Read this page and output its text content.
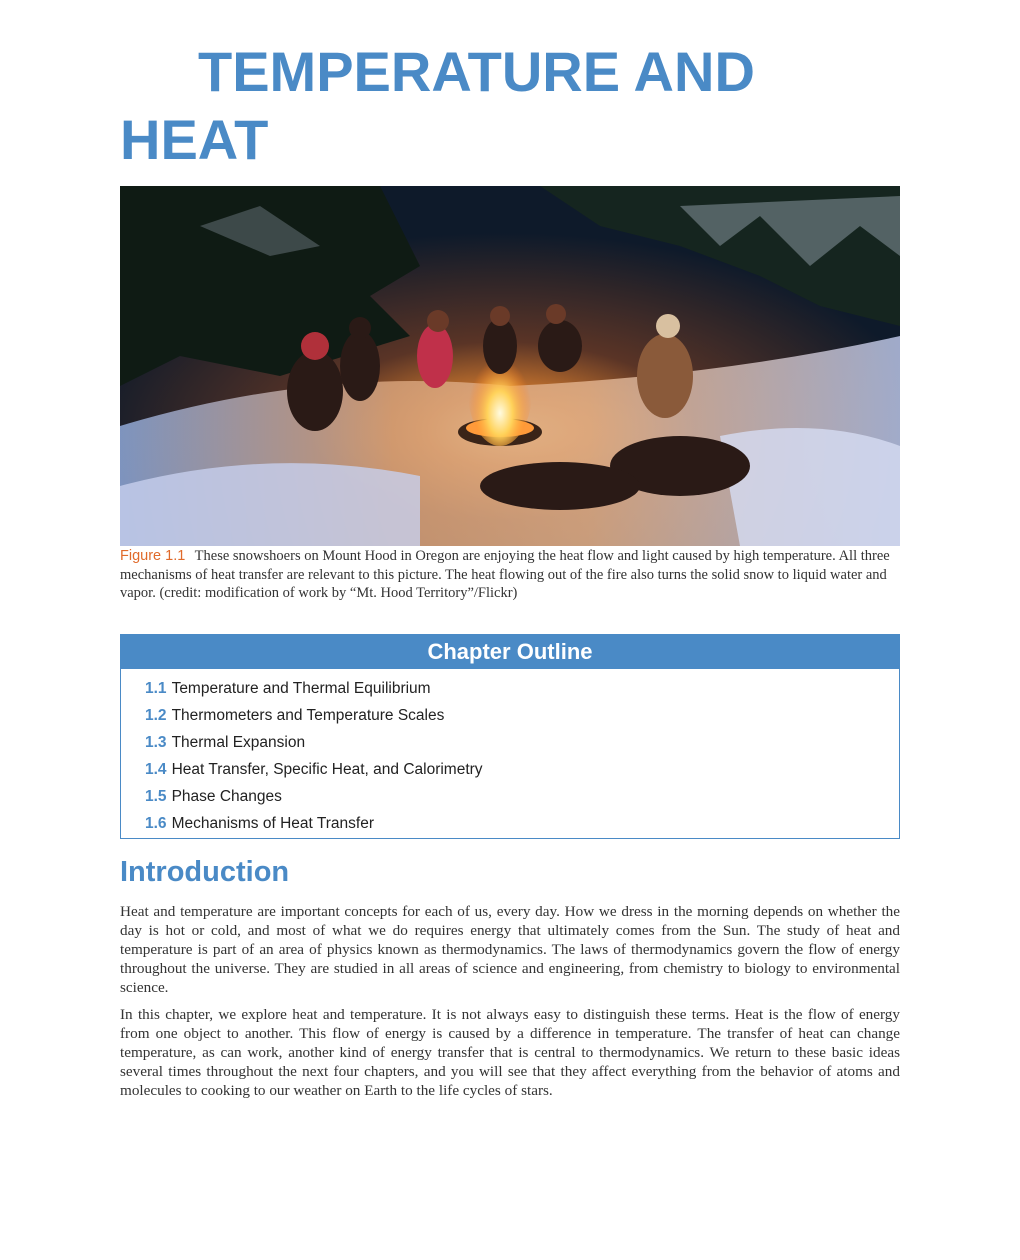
TEMPERATURE AND
HEAT
Figure 1.1 These snowshoers on Mount Hood in Oregon are enjoying the heat flow and light caused by high temperature. All three mechanisms of heat transfer are relevant to this picture. The heat flowing out of the fire also turns the solid snow to liquid water and vapor. (credit: modification of work by “Mt. Hood Territory”/Flickr)
Chapter Outline
1.1 Temperature and Thermal Equilibrium
1.2 Thermometers and Temperature Scales
1.3 Thermal Expansion
1.4 Heat Transfer, Specific Heat, and Calorimetry
1.5 Phase Changes
1.6 Mechanisms of Heat Transfer
Introduction

Heat and temperature are important concepts for each of us, every day. How we dress in the morning depends on whether the day is hot or cold, and most of what we do requires energy that ultimately comes from the Sun. The study of heat and temperature is part of an area of physics known as thermodynamics. The laws of thermodynamics govern the flow of energy throughout the universe. They are studied in all areas of science and engineering, from chemistry to biology to environmental science.

In this chapter, we explore heat and temperature. It is not always easy to distinguish these terms. Heat is the flow of energy from one object to another. This flow of energy is caused by a difference in temperature. The transfer of heat can change temperature, as can work, another kind of energy transfer that is central to thermodynamics. We return to these basic ideas several times throughout the next four chapters, and you will see that they affect everything from the behavior of atoms and molecules to cooking to our weather on Earth to the life cycles of stars.
